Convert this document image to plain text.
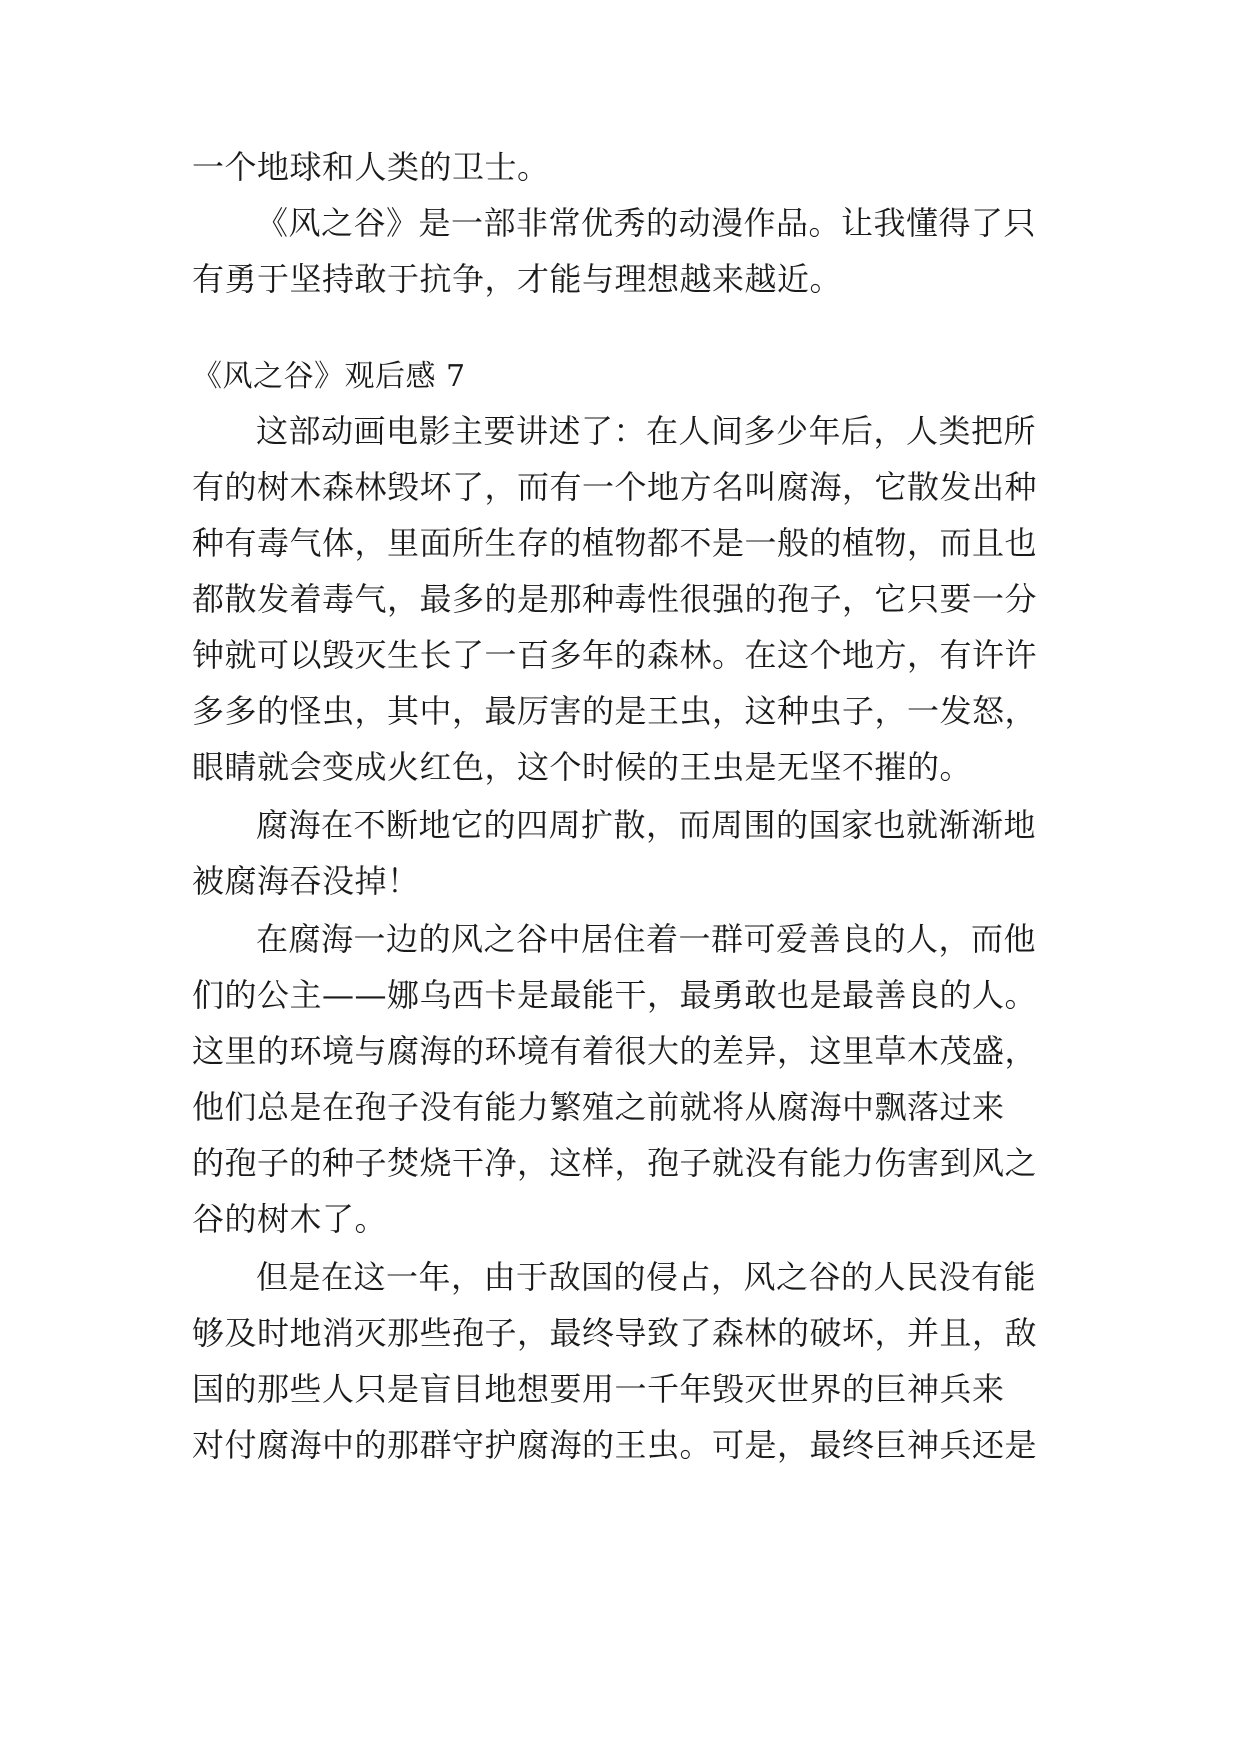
一个地球和人类的卫士。
《风之谷》是一部非常优秀的动漫作品。让我懂得了只
有勇于坚持敢于抗争，才能与理想越来越近。
《风之谷》观后感 7
这部动画电影主要讲述了：在人间多少年后，人类把所
有的树木森林毁坏了，而有一个地方名叫腐海，它散发出种
种有毒气体，里面所生存的植物都不是一般的植物，而且也
都散发着毒气，最多的是那种毒性很强的孢子，它只要一分
钟就可以毁灭生长了一百多年的森林。在这个地方，有许许
多多的怪虫，其中，最厉害的是王虫，这种虫子，一发怒，
眼睛就会变成火红色，这个时候的王虫是无坚不摧的。
腐海在不断地它的四周扩散，而周围的国家也就渐渐地
被腐海吞没掉！
在腐海一边的风之谷中居住着一群可爱善良的人，而他
们的公主——娜乌西卡是最能干，最勇敢也是最善良的人。
这里的环境与腐海的环境有着很大的差异，这里草木茂盛，
他们总是在孢子没有能力繁殖之前就将从腐海中飘落过来
的孢子的种子焚烧干净，这样，孢子就没有能力伤害到风之
谷的树木了。
但是在这一年，由于敌国的侵占，风之谷的人民没有能
够及时地消灭那些孢子，最终导致了森林的破坏，并且，敌
国的那些人只是盲目地想要用一千年毁灭世界的巨神兵来
对付腐海中的那群守护腐海的王虫。可是，最终巨神兵还是
